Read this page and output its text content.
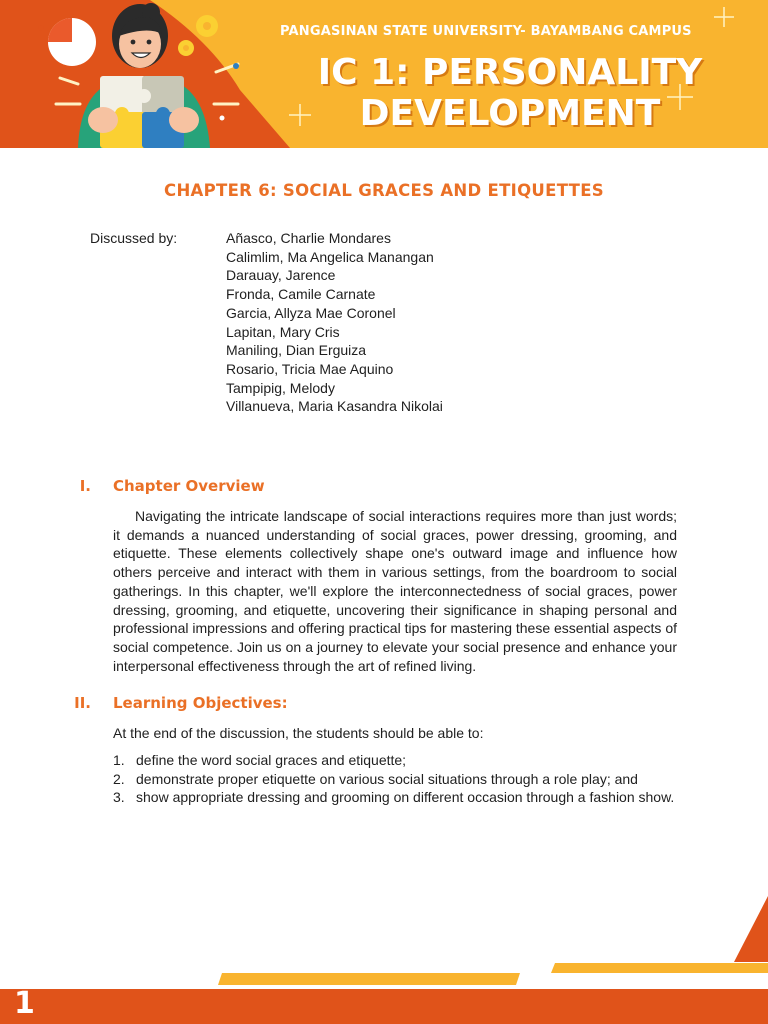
PANGASINAN STATE UNIVERSITY- BAYAMBANG CAMPUS
IC 1: PERSONALITY
DEVELOPMENT
CHAPTER 6: SOCIAL GRACES AND ETIQUETTES
Discussed by:	Añasco, Charlie Mondares
Calimlim, Ma Angelica Manangan
Darauay, Jarence
Fronda, Camile Carnate
Garcia, Allyza Mae Coronel
Lapitan, Mary Cris
Maniling, Dian Erguiza
Rosario, Tricia Mae Aquino
Tampipig, Melody
Villanueva, Maria Kasandra Nikolai
I. Chapter Overview

Navigating the intricate landscape of social interactions requires more than just words; it demands a nuanced understanding of social graces, power dressing, grooming, and etiquette. These elements collectively shape one's outward image and influence how others perceive and interact with them in various settings, from the boardroom to social gatherings. In this chapter, we'll explore the interconnectedness of social graces, power dressing, grooming, and etiquette, uncovering their significance in shaping personal and professional impressions and offering practical tips for mastering these essential aspects of social competence. Join us on a journey to elevate your social presence and enhance your interpersonal effectiveness through the art of refined living.

II. Learning Objectives:
At the end of the discussion, the students should be able to:
1. define the word social graces and etiquette;
2. demonstrate proper etiquette on various social situations through a role play; and
3. show appropriate dressing and grooming on different occasion through a fashion show.
1
